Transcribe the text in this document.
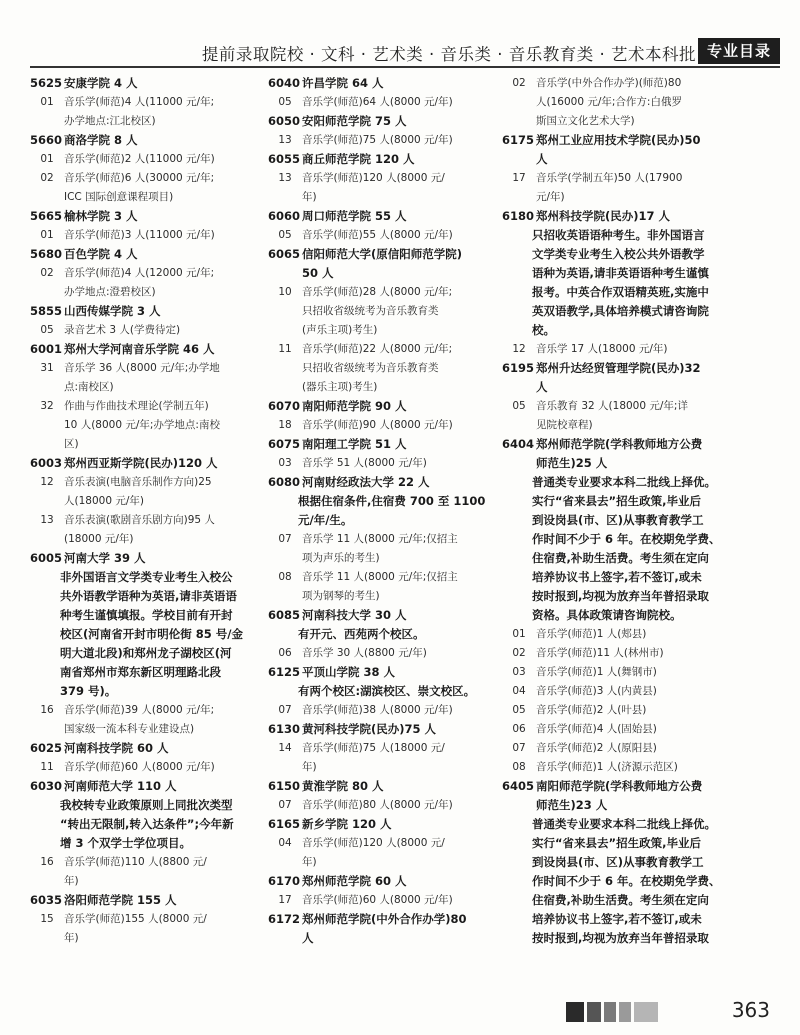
提前录取院校 · 文科 · 艺术类 · 音乐类 · 音乐教育类 · 艺术本科批 专业目录
5625 安康学院 4 人
01 音乐学(师范)4 人(11000 元/年;
办学地点:江北校区)
5660 商洛学院 8 人
01 音乐学(师范)2 人(11000 元/年)
02 音乐学(师范)6 人(30000 元/年;
ICC 国际创意课程项目)
5665 榆林学院 3 人
01 音乐学(师范)3 人(11000 元/年)
5680 百色学院 4 人
02 音乐学(师范)4 人(12000 元/年;
办学地点:澄碧校区)
5855 山西传媒学院 3 人
05 录音艺术 3 人(学费待定)
6001 郑州大学河南音乐学院 46 人
31 音乐学 36 人(8000 元/年;办学地
点:南校区)
32 作曲与作曲技术理论(学制五年)
10 人(8000 元/年;办学地点:南校
区)
6003 郑州西亚斯学院(民办)120 人
12 音乐表演(电脑音乐制作方向)25
人(18000 元/年)
13 音乐表演(歌剧音乐剧方向)95 人
(18000 元/年)
6005 河南大学 39 人
非外国语言文学类专业考生入校公
共外语教学语种为英语,请非英语语
种考生谨慎填报。学校目前有开封
校区(河南省开封市明伦街 85 号/金
明大道北段)和郑州龙子湖校区(河
南省郑州市郑东新区明理路北段
379 号)。
16 音乐学(师范)39 人(8000 元/年;
国家级一流本科专业建设点)
6025 河南科技学院 60 人
11 音乐学(师范)60 人(8000 元/年)
6030 河南师范大学 110 人
我校转专业政策原则上同批次类型
“转出无限制,转入达条件”;今年新
增 3 个双学士学位项目。
16 音乐学(师范)110 人(8800 元/
年)
6035 洛阳师范学院 155 人
15 音乐学(师范)155 人(8000 元/
年)
6040 许昌学院 64 人
05 音乐学(师范)64 人(8000 元/年)
6050 安阳师范学院 75 人
13 音乐学(师范)75 人(8000 元/年)
6055 商丘师范学院 120 人
13 音乐学(师范)120 人(8000 元/
年)
6060 周口师范学院 55 人
05 音乐学(师范)55 人(8000 元/年)
6065 信阳师范大学(原信阳师范学院)
50 人
10 音乐学(师范)28 人(8000 元/年;
只招收省级统考为音乐教育类
(声乐主项)考生)
11 音乐学(师范)22 人(8000 元/年;
只招收省级统考为音乐教育类
(器乐主项)考生)
6070 南阳师范学院 90 人
18 音乐学(师范)90 人(8000 元/年)
6075 南阳理工学院 51 人
03 音乐学 51 人(8000 元/年)
6080 河南财经政法大学 22 人
根据住宿条件,住宿费 700 至 1100
元/年/生。
07 音乐学 11 人(8000 元/年;仅招主
项为声乐的考生)
08 音乐学 11 人(8000 元/年;仅招主
项为钢琴的考生)
6085 河南科技大学 30 人
有开元、西苑两个校区。
06 音乐学 30 人(8800 元/年)
6125 平顶山学院 38 人
有两个校区:湖滨校区、崇文校区。
07 音乐学(师范)38 人(8000 元/年)
6130 黄河科技学院(民办)75 人
14 音乐学(师范)75 人(18000 元/
年)
6150 黄淮学院 80 人
07 音乐学(师范)80 人(8000 元/年)
6165 新乡学院 120 人
04 音乐学(师范)120 人(8000 元/
年)
6170 郑州师范学院 60 人
17 音乐学(师范)60 人(8000 元/年)
6172 郑州师范学院(中外合作办学)80
人
02 音乐学(中外合作办学)(师范)80
人(16000 元/年;合作方:白俄罗
斯国立文化艺术大学)
6175 郑州工业应用技术学院(民办)50
人
17 音乐学(学制五年)50 人(17900
元/年)
6180 郑州科技学院(民办)17 人
只招收英语语种考生。非外国语言
文学类专业考生入校公共外语教学
语种为英语,请非英语语种考生谨慎
报考。中英合作双语精英班,实施中
英双语教学,具体培养模式请咨询院
校。
12 音乐学 17 人(18000 元/年)
6195 郑州升达经贸管理学院(民办)32
人
05 音乐教育 32 人(18000 元/年;详
见院校章程)
6404 郑州师范学院(学科教师地方公费
师范生)25 人
普通类专业要求本科二批线上择优。
实行“省来县去”招生政策,毕业后
到设岗县(市、区)从事教育教学工
作时间不少于 6 年。在校期免学费、
住宿费,补助生活费。考生须在定向
培养协议书上签字,若不签订,或未
按时报到,均视为放弃当年普招录取
资格。具体政策请咨询院校。
01 音乐学(师范)1 人(郏县)
02 音乐学(师范)11 人(林州市)
03 音乐学(师范)1 人(舞钢市)
04 音乐学(师范)3 人(内黄县)
05 音乐学(师范)2 人(叶县)
06 音乐学(师范)4 人(固始县)
07 音乐学(师范)2 人(原阳县)
08 音乐学(师范)1 人(济源示范区)
6405 南阳师范学院(学科教师地方公费
师范生)23 人
普通类专业要求本科二批线上择优。
实行“省来县去”招生政策,毕业后
到设岗县(市、区)从事教育教学工
作时间不少于 6 年。在校期免学费、
住宿费,补助生活费。考生须在定向
培养协议书上签字,若不签订,或未
按时报到,均视为放弃当年普招录取
363
